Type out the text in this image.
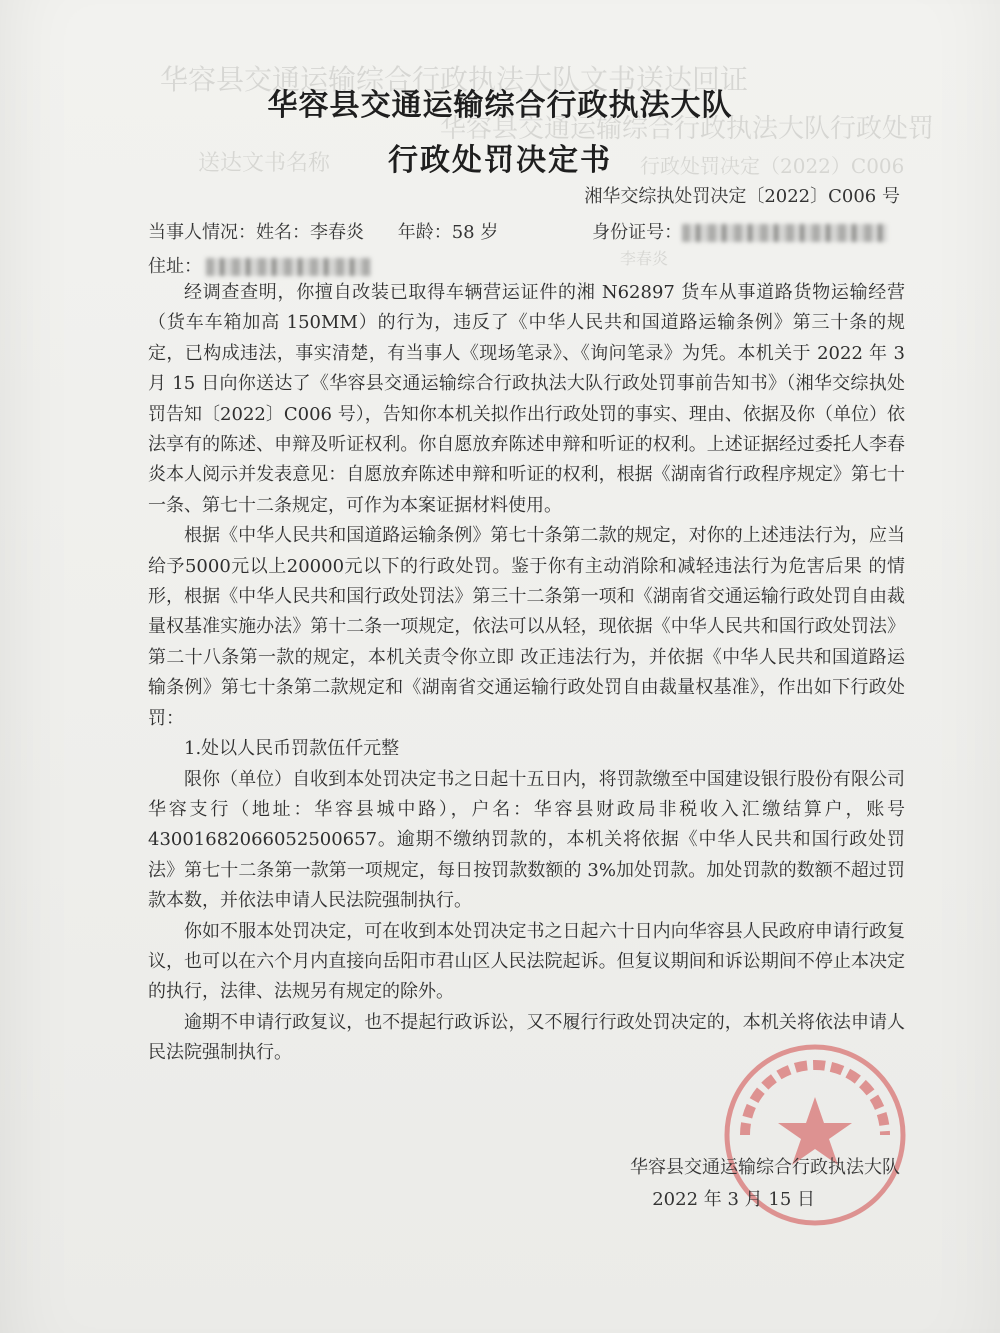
华容县交通运输综合行政执法大队文书送达回证
华容县交通运输综合行政执法大队行政处罚
送达文书名称	行政处罚决定（2022）C006
李春炎
华容县交通运输综合行政执法大队
行政处罚决定书
湘华交综执处罚决定〔2022〕C006 号
当事人情况：姓名：李春炎 年龄：58 岁	身份证号：
住址：

经调查查明，你擅自改装已取得车辆营运证件的湘 N62897 货车从事道路货物运输经营（货车车箱加高 150MM）的行为，违反了《中华人民共和国道路运输条例》第三十条的规定，已构成违法，事实清楚，有当事人《现场笔录》、《询问笔录》为凭。本机关于 2022 年 3 月 15 日向你送达了《华容县交通运输综合行政执法大队行政处罚事前告知书》（湘华交综执处罚告知〔2022〕C006 号），告知你本机关拟作出行政处罚的事实、理由、依据及你（单位）依法享有的陈述、申辩及听证权利。你自愿放弃陈述申辩和听证的权利。上述证据经过委托人李春炎本人阅示并发表意见：自愿放弃陈述申辩和听证的权利，根据《湖南省行政程序规定》第七十一条、第七十二条规定，可作为本案证据材料使用。

根据《中华人民共和国道路运输条例》第七十条第二款的规定，对你的上述违法行为，应当给予5000元以上20000元以下的行政处罚。鉴于你有主动消除和减轻违法行为危害后果 的情形，根据《中华人民共和国行政处罚法》第三十二条第一项和《湖南省交通运输行政处罚自由裁量权基准实施办法》第十二条一项规定，依法可以从轻，现依据《中华人民共和国行政处罚法》第二十八条第一款的规定，本机关责令你立即 改正违法行为，并依据《中华人民共和国道路运输条例》第七十条第二款规定和《湖南省交通运输行政处罚自由裁量权基准》，作出如下行政处罚：

1.处以人民币罚款伍仟元整

限你（单位）自收到本处罚决定书之日起十五日内，将罚款缴至中国建设银行股份有限公司华容支行（地址：华容县城中路），户名：华容县财政局非税收入汇缴结算户，账号 43001682066052500657。逾期不缴纳罚款的，本机关将依据《中华人民共和国行政处罚法》第七十二条第一款第一项规定，每日按罚款数额的 3%加处罚款。加处罚款的数额不超过罚款本数，并依法申请人民法院强制执行。

你如不服本处罚决定，可在收到本处罚决定书之日起六十日内向华容县人民政府申请行政复议，也可以在六个月内直接向岳阳市君山区人民法院起诉。但复议期间和诉讼期间不停止本决定的执行，法律、法规另有规定的除外。

逾期不申请行政复议，也不提起行政诉讼，又不履行行政处罚决定的，本机关将依法申请人民法院强制执行。

华容县交通运输综合行政执法大队
2022 年 3 月 15 日
